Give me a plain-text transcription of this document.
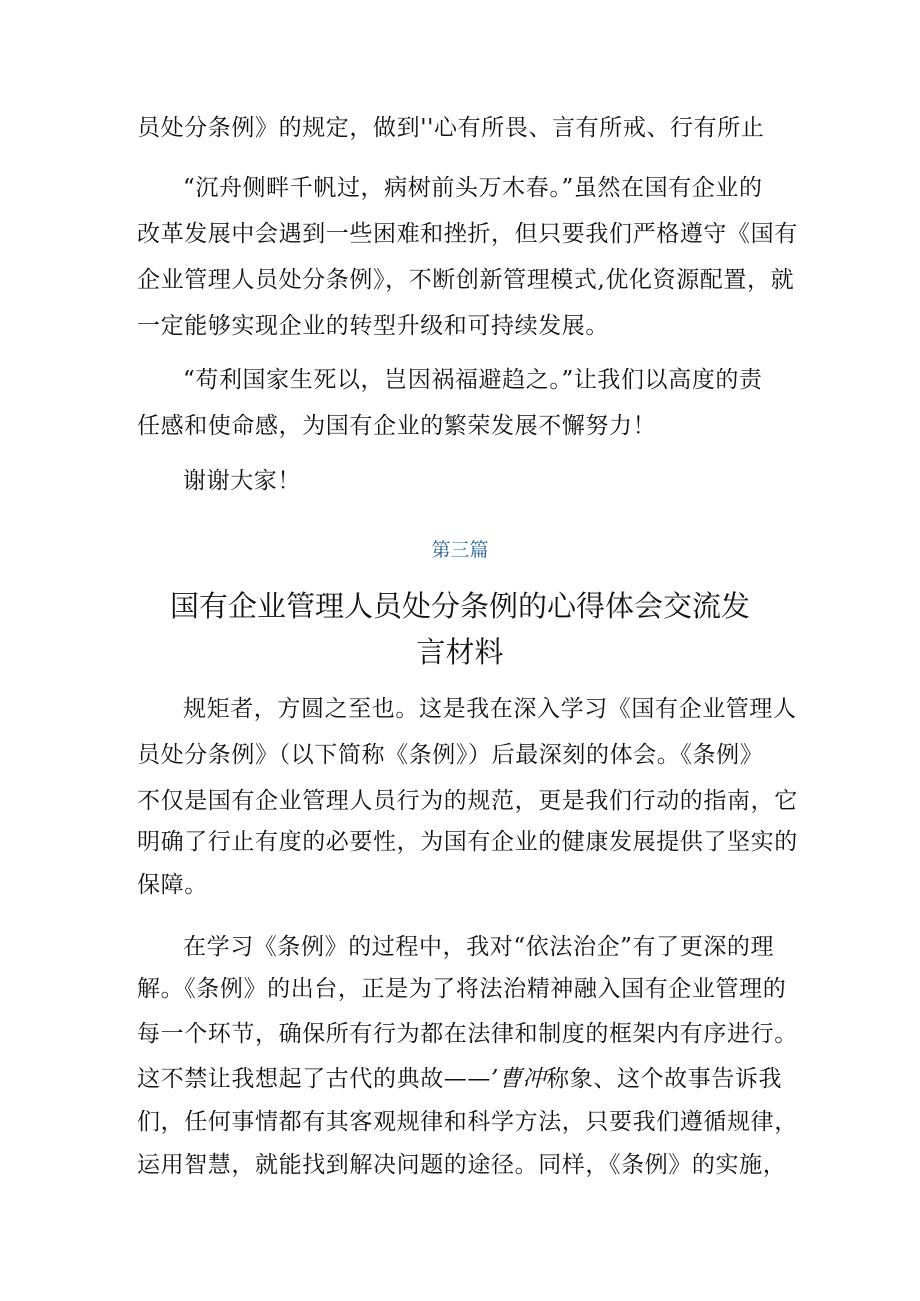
员处分条例》的规定，做到''心有所畏、言有所戒、行有所止
“沉舟侧畔千帆过，病树前头万木春。”虽然在国有企业的
改革发展中会遇到一些困难和挫折，但只要我们严格遵守《国有
企业管理人员处分条例》，不断创新管理模式,优化资源配置，就
一定能够实现企业的转型升级和可持续发展。
“苟利国家生死以，岂因祸福避趋之。”让我们以高度的责
任感和使命感，为国有企业的繁荣发展不懈努力！
谢谢大家！
第三篇
国有企业管理人员处分条例的心得体会交流发
言材料
规矩者，方圆之至也。这是我在深入学习《国有企业管理人
员处分条例》（以下简称《条例》）后最深刻的体会。《条例》
不仅是国有企业管理人员行为的规范，更是我们行动的指南，它
明确了行止有度的必要性，为国有企业的健康发展提供了坚实的
保障。
在学习《条例》的过程中，我对“依法治企”有了更深的理
解。《条例》的出台，正是为了将法治精神融入国有企业管理的
每一个环节，确保所有行为都在法律和制度的框架内有序进行。
这不禁让我想起了古代的典故——’曹冲称象、这个故事告诉我
们，任何事情都有其客观规律和科学方法，只要我们遵循规律，
运用智慧，就能找到解决问题的途径。同样，《条例》的实施，
